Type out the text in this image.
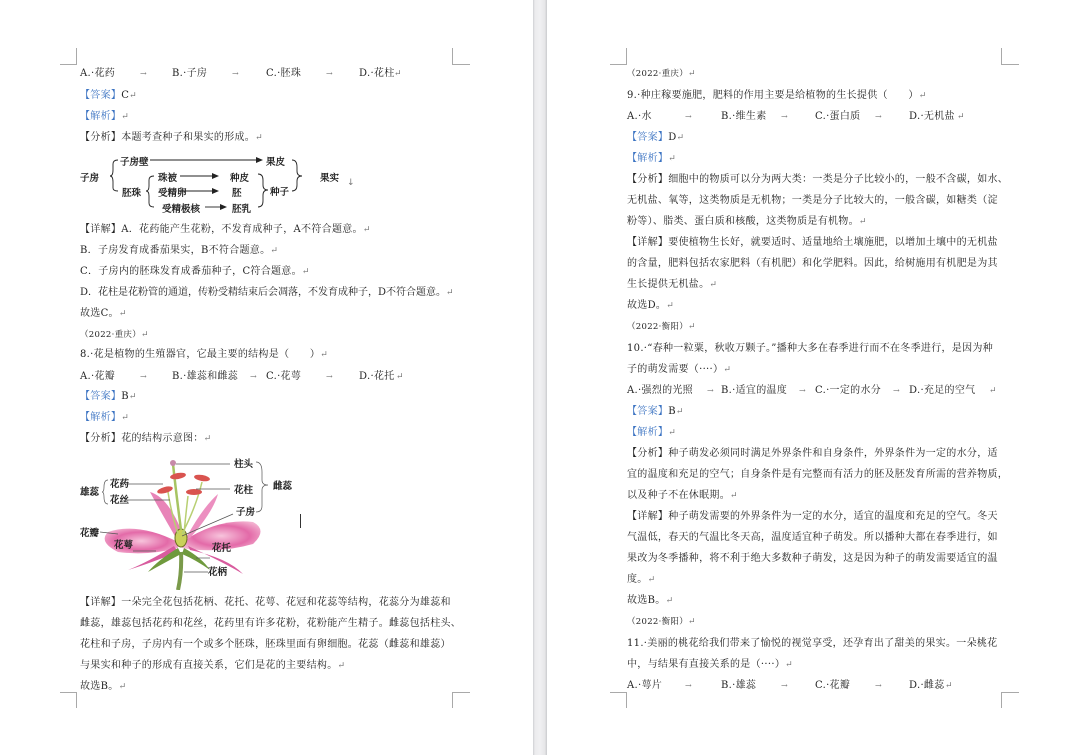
A.·花药	→ B.·子房	→	C.·胚珠	→	D.·花柱 ↵
【答案】C↵
【解析】↵
【分析】本题考查种子和果实的形成。↵
子房
子房壁	果皮
胚珠
珠被	种皮
受精卵	胚
受精极核	胚乳
种子
果实 ↓
【详解】A．花药能产生花粉，不发育成种子，A不符合题意。↵
B．子房发育成番茄果实，B不符合题意。↵
C．子房内的胚珠发育成番茄种子，C符合题意。↵
D．花柱是花粉管的通道，传粉受精结束后会凋落，不发育成种子，D不符合题意。↵
故选C。↵
（2022·重庆）↵
8.·花是植物的生殖器官，它最主要的结构是（　　）↵
A.·花瓣	→ B.·雄蕊和雌蕊 → C.·花萼	→	D.·花托 ↵
【答案】B↵
【解析】↵
【分析】花的结构示意图：↵
柱头
花药
雄蕊
花丝
花柱 雌蕊
子房
花瓣
花萼	花托
花柄
【详解】一朵完全花包括花柄、花托、花萼、花冠和花蕊等结构，花蕊分为雄蕊和
雌蕊，雄蕊包括花药和花丝，花药里有许多花粉，花粉能产生精子。雌蕊包括柱头、
花柱和子房，子房内有一个或多个胚珠，胚珠里面有卵细胞。花蕊（雌蕊和雄蕊）
与果实和种子的形成有直接关系，它们是花的主要结构。↵
故选B。↵
（2022·重庆）↵
9.·种庄稼要施肥，肥料的作用主要是给植物的生长提供（　　）↵
A.·水	→	B.·维生素 →	C.·蛋白质 →	D.·无机盐 ↵
【答案】D↵
【解析】↵
【分析】细胞中的物质可以分为两大类：一类是分子比较小的，一般不含碳，如水、
无机盐、氧等，这类物质是无机物；一类是分子比较大的，一般含碳，如糖类（淀
粉等）、脂类、蛋白质和核酸，这类物质是有机物。↵
【详解】要使植物生长好，就要适时、适量地给土壤施肥，以增加土壤中的无机盐
的含量，肥料包括农家肥料（有机肥）和化学肥料。因此，给树施用有机肥是为其
生长提供无机盐。↵
故选D。↵
（2022·衡阳）↵
10.·“春种一粒粟，秋收万颗子。”播种大多在春季进行而不在冬季进行，是因为种
子的萌发需要（····）↵
A.·强烈的光照 → B.·适宜的温度 → C.·一定的水分 → D.·充足的空气 ↵
【答案】B↵
【解析】↵
【分析】种子萌发必须同时满足外界条件和自身条件，外界条件为一定的水分，适
宜的温度和充足的空气；自身条件是有完整而有活力的胚及胚发育所需的营养物质，
以及种子不在休眠期。↵
【详解】种子萌发需要的外界条件为一定的水分，适宜的温度和充足的空气。冬天
气温低，春天的气温比冬天高，温度适宜种子萌发。所以播种大都在春季进行，如
果改为冬季播种，将不利于绝大多数种子萌发，这是因为种子的萌发需要适宜的温
度。↵
故选B。↵
（2022·衡阳）↵
11.·美丽的桃花给我们带来了愉悦的视觉享受，还孕育出了甜美的果实。一朵桃花
中，与结果有直接关系的是（····）↵
A.·萼片	→	B.·雄蕊	→	C.·花瓣	→	D.·雌蕊 ↵
